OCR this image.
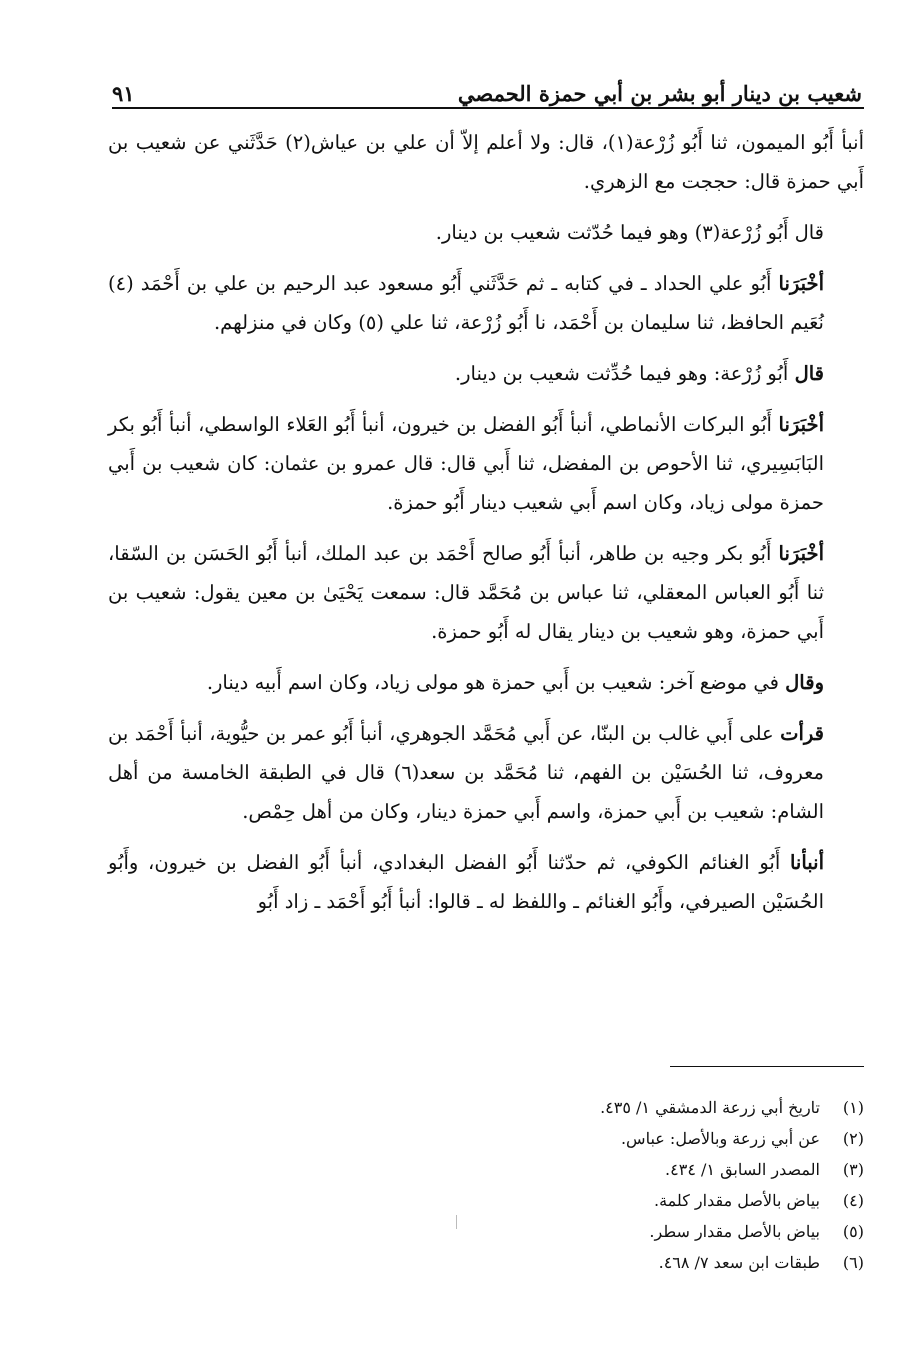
شعيب بن دينار أبو بشر بن أبي حمزة الحمصي
٩١

أنبأ أَبُو الميمون، ثنا أَبُو زُرْعة(١)، قال: ولا أعلم إلاّ أن علي بن عياش(٢) حَدَّثَني عن شعيب بن أَبي حمزة قال: حججت مع الزهري.

قال أَبُو زُرْعة(٣) وهو فيما حُدّثت شعيب بن دينار.

أخْبَرَنا أَبُو علي الحداد ـ في كتابه ـ ثم حَدَّثَني أَبُو مسعود عبد الرحيم بن علي بن أَحْمَد (٤) نُعَيم الحافظ، ثنا سليمان بن أَحْمَد، نا أَبُو زُرْعة، ثنا علي (٥) وكان في منزلهم.

قال أَبُو زُرْعة: وهو فيما حُدِّثت شعيب بن دينار.

أخْبَرَنا أَبُو البركات الأنماطي، أنبأ أَبُو الفضل بن خيرون، أنبأ أَبُو العَلاء الواسطي، أنبأ أَبُو بكر البَابَسِيري، ثنا الأحوص بن المفضل، ثنا أَبي قال: قال عمرو بن عثمان: كان شعيب بن أَبي حمزة مولى زياد، وكان اسم أَبي شعيب دينار أَبُو حمزة.

أخْبَرَنا أَبُو بكر وجيه بن طاهر، أنبأ أَبُو صالح أَحْمَد بن عبد الملك، أنبأ أَبُو الحَسَن بن السّقا، ثنا أَبُو العباس المعقلي، ثنا عباس بن مُحَمَّد قال: سمعت يَحْيَىٰ بن معين يقول: شعيب بن أَبي حمزة، وهو شعيب بن دينار يقال له أَبُو حمزة.

وقال في موضع آخر: شعيب بن أَبي حمزة هو مولى زياد، وكان اسم أَبيه دينار.

قرأت على أَبي غالب بن البنّا، عن أَبي مُحَمَّد الجوهري، أنبأ أَبُو عمر بن حيُّوية، أنبأ أَحْمَد بن معروف، ثنا الحُسَيْن بن الفهم، ثنا مُحَمَّد بن سعد(٦) قال في الطبقة الخامسة من أهل الشام: شعيب بن أَبي حمزة، واسم أَبي حمزة دينار، وكان من أهل حِمْص.

أنبأنا أَبُو الغنائم الكوفي، ثم حدّثنا أَبُو الفضل البغدادي، أنبأ أَبُو الفضل بن خيرون، وأَبُو الحُسَيْن الصيرفي، وأَبُو الغنائم ـ واللفظ له ـ قالوا: أنبأ أَبُو أَحْمَد ـ زاد أَبُو

(١)
تاريخ أبي زرعة الدمشقي ١/ ٤٣٥.
(٢)
عن أبي زرعة وبالأصل: عباس.
(٣)
المصدر السابق ١/ ٤٣٤.
(٤)
بياض بالأصل مقدار كلمة.
(٥)
بياض بالأصل مقدار سطر.
(٦)
طبقات ابن سعد ٧/ ٤٦٨.
